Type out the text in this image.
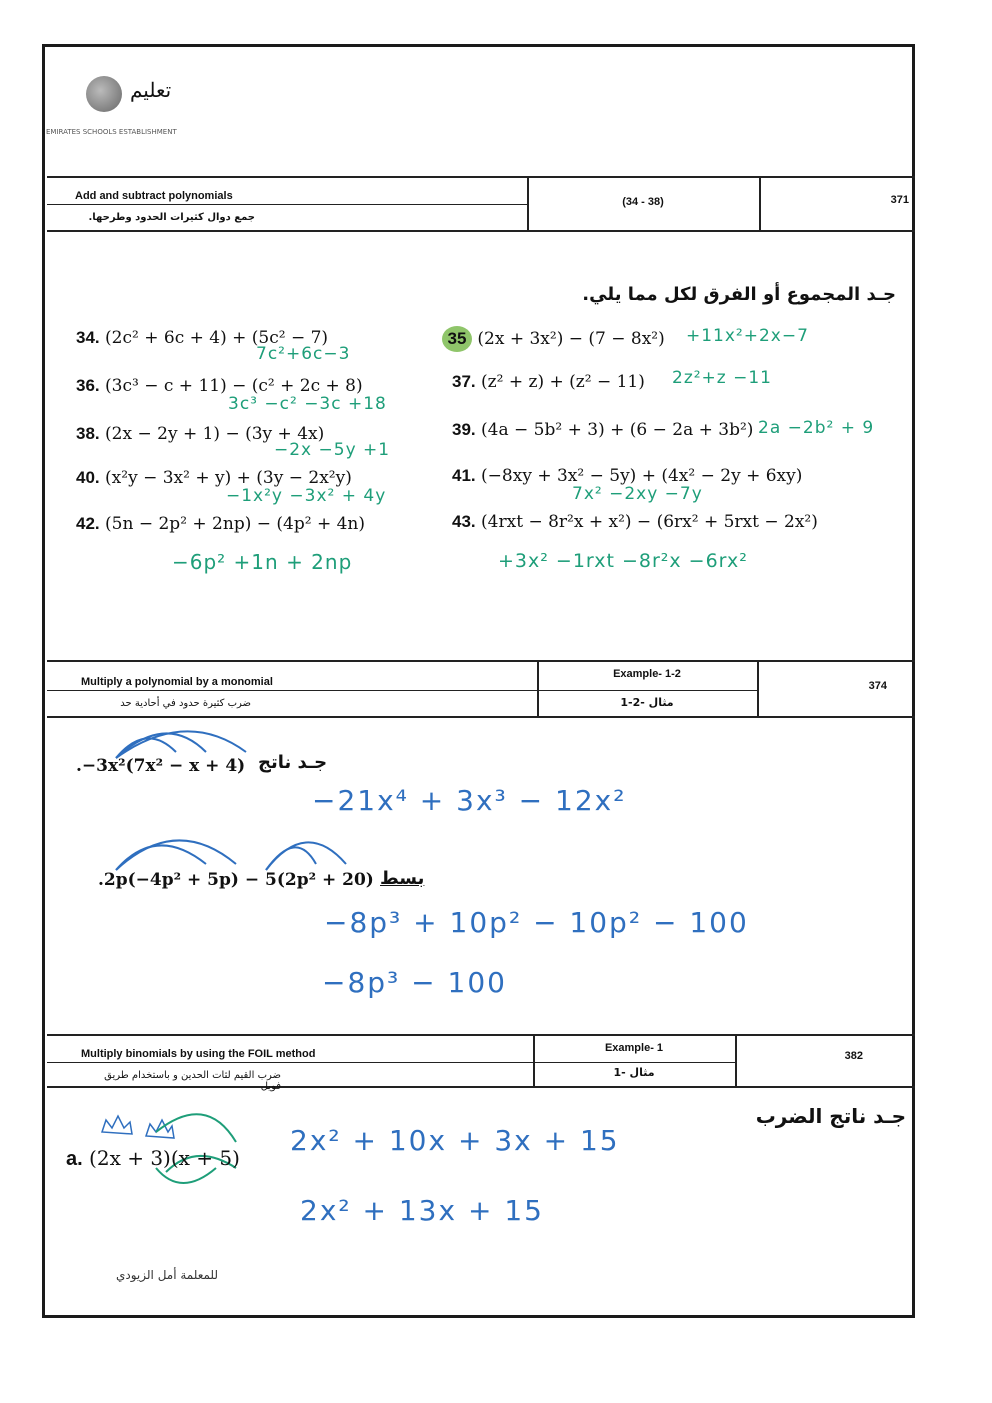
تعليم
EMIRATES SCHOOLS ESTABLISHMENT
Add and subtract polynomials
جمع دوال كثيرات الحدود وطرحها.
(34 - 38)	371
جـد المجموع أو الفرق لكل مما يلي.
34. (2c² + 6c + 4) + (5c² − 7)
7c²+6c−3
36. (3c³ − c + 11) − (c² + 2c + 8)
3c³ −c² −3c +18
38. (2x − 2y + 1) − (3y + 4x)
−2x −5y +1
40. (x²y − 3x² + y) + (3y − 2x²y)
−1x²y −3x² + 4y
42. (5n − 2p² + 2np) − (4p² + 4n)
−6p² +1n + 2np
35 (2x + 3x²) − (7 − 8x²) +11x²+2x−7
37. (z² + z) + (z² − 11) 2z²+z −11
39. (4a − 5b² + 3) + (6 − 2a + 3b²) 2a −2b² + 9
41. (−8xy + 3x² − 5y) + (4x² − 2y + 6xy)
7x² −2xy −7y
43. (4rxt − 8r²x + x²) − (6rx² + 5rxt − 2x²)
+3x² −1rxt −8r²x −6rx²
Multiply a polynomial by a monomial
ضرب كثيرة حدود في أحادية حد
Example- 1-2
مثال -2-1
374
.−3x²(7x² − x + 4) جـد ناتج
−21x⁴ + 3x³ − 12x²
.2p(−4p² + 5p) − 5(2p² + 20) بسط
−8p³ + 10p² − 10p² − 100
−8p³ − 100
Multiply binomials by using the FOIL method
ضرب القيم لثات الحدين و باستخدام طريق فويل
Example- 1
مثال -1
382
جـد ناتج الضرب
a. (2x + 3)(x + 5)
2x² + 10x + 3x + 15
2x² + 13x + 15
للمعلمة أمل الزيودي
